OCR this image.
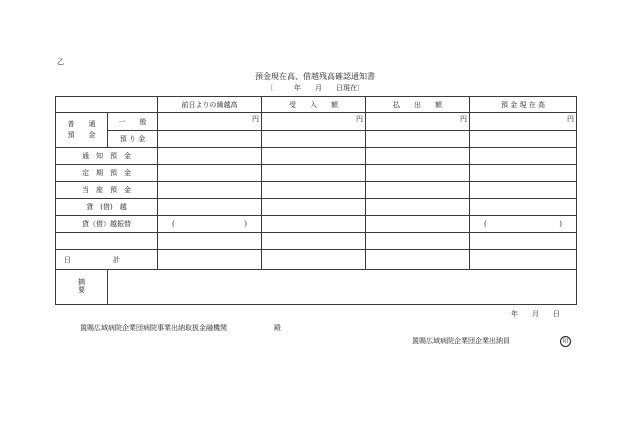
乙
預金現在高、借越残高確認通知書
〔　　　年　　月　　日現在〕
		前日よりの繰越高	受　　入　　額	払　　出　　額	預 金 現 在 高

普　　通
預　　金	一　　般	円	円	円	円
	預 り 金				
通　知　預　金					
定　期　預　金					
当　座　預　金					
貸　(借)　越					
貸（借）越振替		( )			( )

日　　　　　　計					
摘要					
年　　月　　日
置賜広域病院企業団病院事業出納取扱金融機関	殿
置賜広域病院企業団企業出納員	印
